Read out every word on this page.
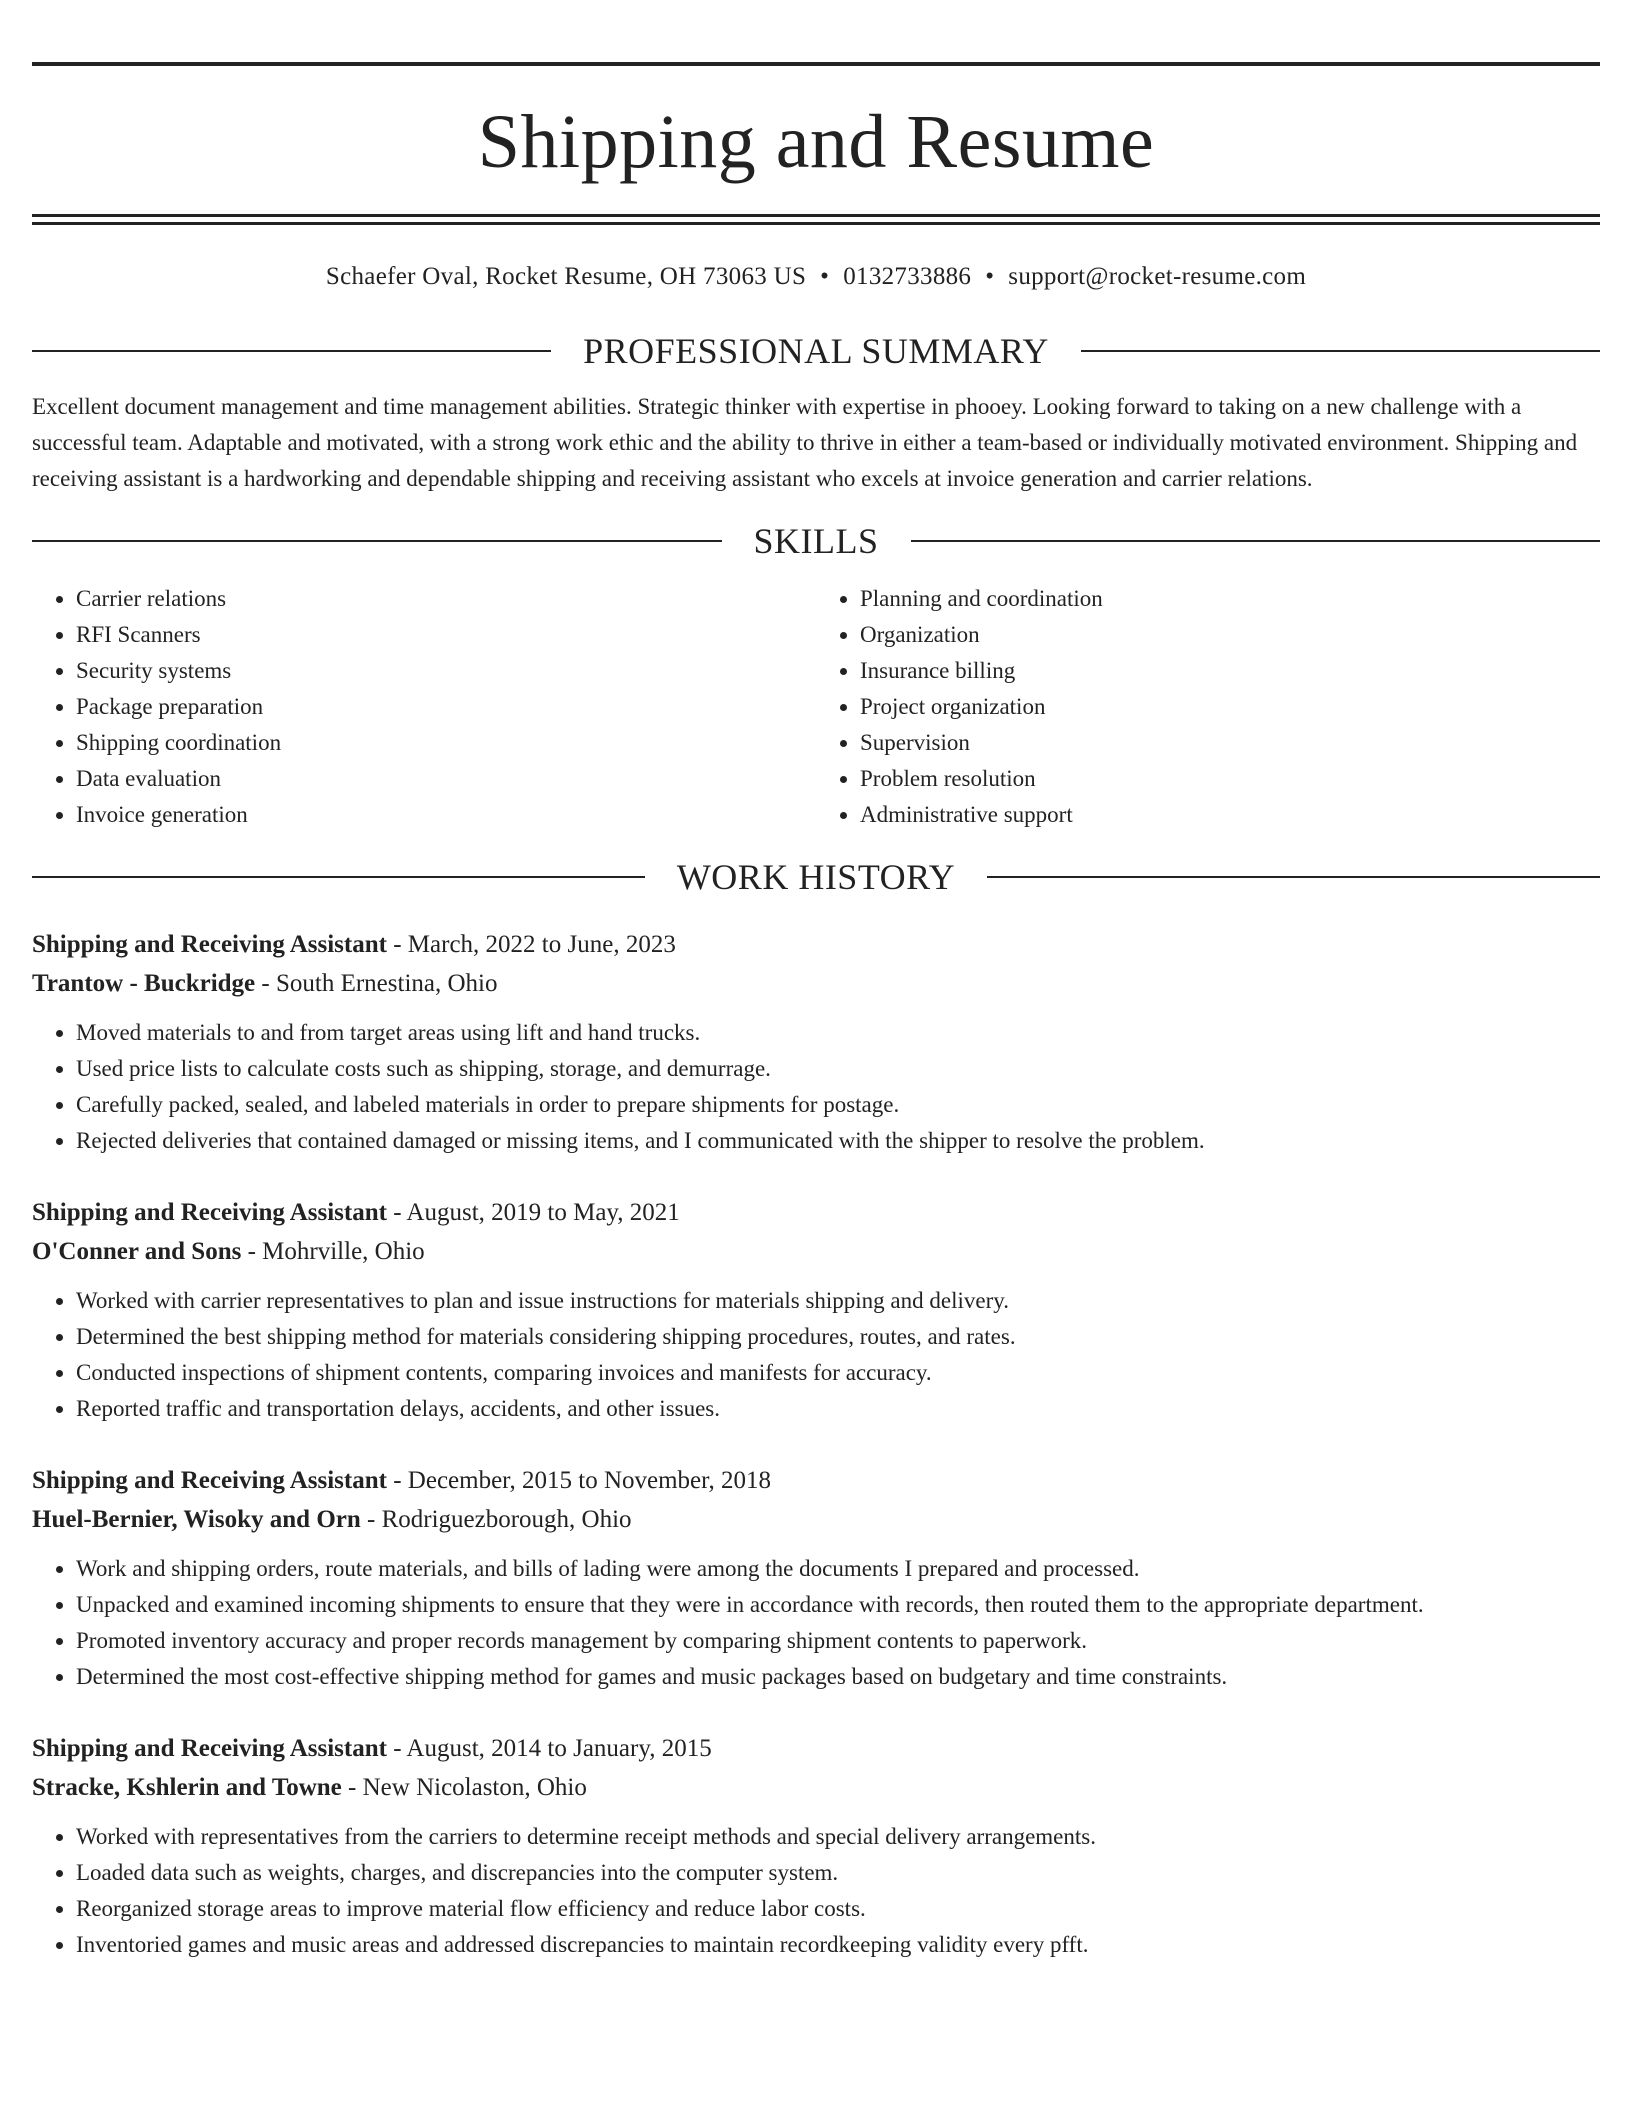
Shipping and Resume
Schaefer Oval, Rocket Resume, OH 73063 US • 0132733886 • support@rocket-resume.com
PROFESSIONAL SUMMARY
Excellent document management and time management abilities. Strategic thinker with expertise in phooey. Looking forward to taking on a new challenge with a successful team. Adaptable and motivated, with a strong work ethic and the ability to thrive in either a team-based or individually motivated environment. Shipping and receiving assistant is a hardworking and dependable shipping and receiving assistant who excels at invoice generation and carrier relations.
SKILLS
• Carrier relations
• RFI Scanners
• Security systems
• Package preparation
• Shipping coordination
• Data evaluation
• Invoice generation
• Planning and coordination
• Organization
• Insurance billing
• Project organization
• Supervision
• Problem resolution
• Administrative support
WORK HISTORY
Shipping and Receiving Assistant - March, 2022 to June, 2023
Trantow - Buckridge - South Ernestina, Ohio
• Moved materials to and from target areas using lift and hand trucks.
• Used price lists to calculate costs such as shipping, storage, and demurrage.
• Carefully packed, sealed, and labeled materials in order to prepare shipments for postage.
• Rejected deliveries that contained damaged or missing items, and I communicated with the shipper to resolve the problem.
Shipping and Receiving Assistant - August, 2019 to May, 2021
O'Conner and Sons - Mohrville, Ohio
• Worked with carrier representatives to plan and issue instructions for materials shipping and delivery.
• Determined the best shipping method for materials considering shipping procedures, routes, and rates.
• Conducted inspections of shipment contents, comparing invoices and manifests for accuracy.
• Reported traffic and transportation delays, accidents, and other issues.
Shipping and Receiving Assistant - December, 2015 to November, 2018
Huel-Bernier, Wisoky and Orn - Rodriguezborough, Ohio
• Work and shipping orders, route materials, and bills of lading were among the documents I prepared and processed.
• Unpacked and examined incoming shipments to ensure that they were in accordance with records, then routed them to the appropriate department.
• Promoted inventory accuracy and proper records management by comparing shipment contents to paperwork.
• Determined the most cost-effective shipping method for games and music packages based on budgetary and time constraints.
Shipping and Receiving Assistant - August, 2014 to January, 2015
Stracke, Kshlerin and Towne - New Nicolaston, Ohio
• Worked with representatives from the carriers to determine receipt methods and special delivery arrangements.
• Loaded data such as weights, charges, and discrepancies into the computer system.
• Reorganized storage areas to improve material flow efficiency and reduce labor costs.
• Inventoried games and music areas and addressed discrepancies to maintain recordkeeping validity every pfft.
